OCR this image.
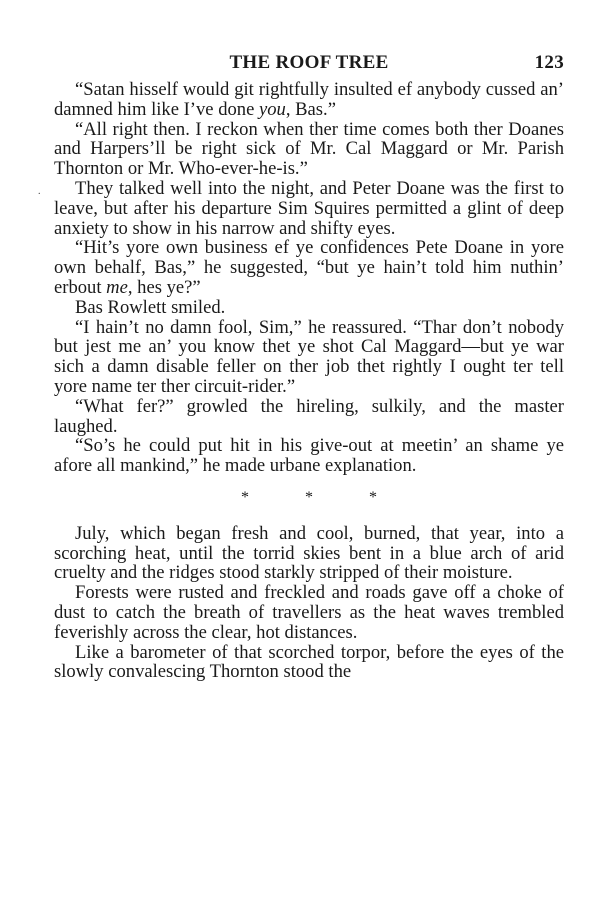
.
THE ROOF TREE	123

“Satan hisself would git rightfully insulted ef anybody cussed an’ damned him like I’ve done you, Bas.”

“All right then. I reckon when ther time comes both ther Doanes and Harpers’ll be right sick of Mr. Cal Maggard or Mr. Parish Thornton or Mr. Who-ever-he-is.”

They talked well into the night, and Peter Doane was the first to leave, but after his departure Sim Squires permitted a glint of deep anxiety to show in his narrow and shifty eyes.

“Hit’s yore own business ef ye confidences Pete Doane in yore own behalf, Bas,” he suggested, “but ye hain’t told him nuthin’ erbout me, hes ye?”

Bas Rowlett smiled.

“I hain’t no damn fool, Sim,” he reassured. “Thar don’t nobody but jest me an’ you know thet ye shot Cal Maggard—but ye war sich a damn disable feller on ther job thet rightly I ought ter tell yore name ter ther circuit-rider.”

“What fer?” growled the hireling, sulkily, and the master laughed.

“So’s he could put hit in his give-out at meetin’ an shame ye afore all mankind,” he made urbane explanation.

* * *

July, which began fresh and cool, burned, that year, into a scorching heat, until the torrid skies bent in a blue arch of arid cruelty and the ridges stood starkly stripped of their moisture.

Forests were rusted and freckled and roads gave off a choke of dust to catch the breath of travellers as the heat waves trembled feverishly across the clear, hot distances.

Like a barometer of that scorched torpor, before the eyes of the slowly convalescing Thornton stood the
